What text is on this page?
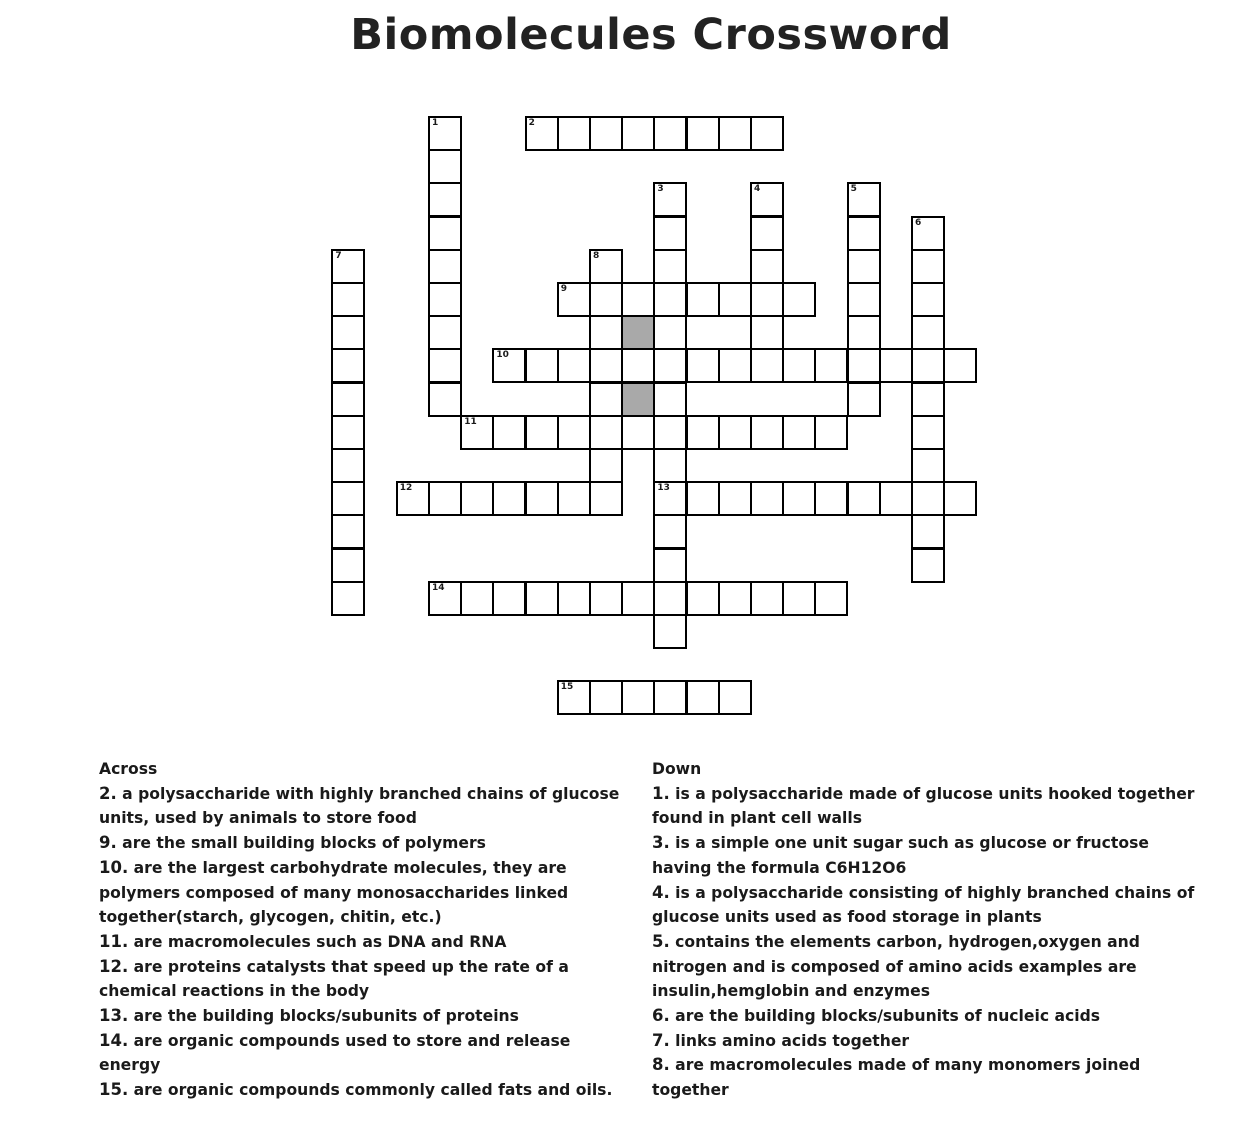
Biomolecules Crossword
2
9
10
11
12	13
14
15
1
3	4	5
6
7	8
Across
2. a polysaccharide with highly branched chains of glucose units, used by animals to store food
9. are the small building blocks of polymers
10. are the largest carbohydrate molecules, they are polymers composed of many monosaccharides linked together(starch, glycogen, chitin, etc.)
11. are macromolecules such as DNA and RNA
12. are proteins catalysts that speed up the rate of a chemical reactions in the body
13. are the building blocks/subunits of proteins
14. are organic compounds used to store and release energy
15. are organic compounds commonly called fats and oils.
Down
1. is a polysaccharide made of glucose units hooked together found in plant cell walls
3. is a simple one unit sugar such as glucose or fructose having the formula C6H12O6
4. is a polysaccharide consisting of highly branched chains of glucose units used as food storage in plants
5. contains the elements carbon, hydrogen,oxygen and nitrogen and is composed of amino acids examples are insulin,hemglobin and enzymes
6. are the building blocks/subunits of nucleic acids
7. links amino acids together
8. are macromolecules made of many monomers joined together
